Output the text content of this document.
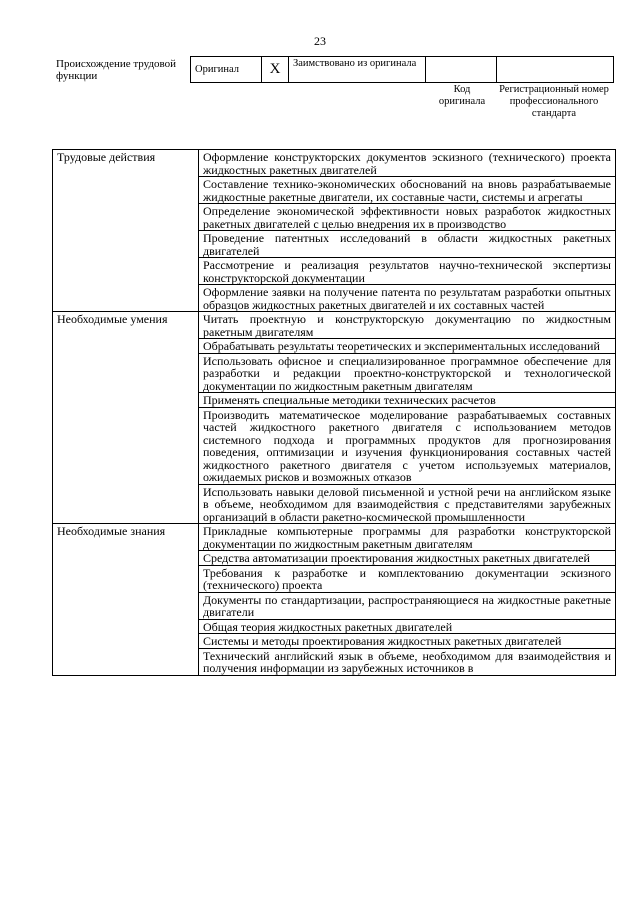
23
Происхождение трудовой функции
Оригинал	X	Заимствовано из оригинала		
Код оригинала
Регистрационный номер профессионального стандарта
Трудовые действия	Оформление конструкторских документов эскизного (технического) проекта жидкостных ракетных двигателей
	Составление технико-экономических обоснований на вновь разрабатываемые жидкостные ракетные двигатели, их составные части, системы и агрегаты
	Определение экономической эффективности новых разработок жидкостных ракетных двигателей с целью внедрения их в производство
	Проведение патентных исследований в области жидкостных ракетных двигателей
	Рассмотрение и реализация результатов научно-технической экспертизы конструкторской документации
	Оформление заявки на получение патента по результатам разработки опытных образцов жидкостных ракетных двигателей и их составных частей
Необходимые умения	Читать проектную и конструкторскую документацию по жидкостным ракетным двигателям
	Обрабатывать результаты теоретических и экспериментальных исследований
	Использовать офисное и специализированное программное обеспечение для разработки и редакции проектно-конструкторской и технологической документации по жидкостным ракетным двигателям
	Применять специальные методики технических расчетов
	Производить математическое моделирование разрабатываемых составных частей жидкостного ракетного двигателя с использованием методов системного подхода и программных продуктов для прогнозирования поведения, оптимизации и изучения функционирования составных частей жидкостного ракетного двигателя с учетом используемых материалов, ожидаемых рисков и возможных отказов
	Использовать навыки деловой письменной и устной речи на английском языке в объеме, необходимом для взаимодействия с представителями зарубежных организаций в области ракетно-космической промышленности
Необходимые знания	Прикладные компьютерные программы для разработки конструкторской документации по жидкостным ракетным двигателям
	Средства автоматизации проектирования жидкостных ракетных двигателей
	Требования к разработке и комплектованию документации эскизного (технического) проекта
	Документы по стандартизации, распространяющиеся на жидкостные ракетные двигатели
	Общая теория жидкостных ракетных двигателей
	Системы и методы проектирования жидкостных ракетных двигателей
	Технический английский язык в объеме, необходимом для взаимодействия и получения информации из зарубежных источников в
